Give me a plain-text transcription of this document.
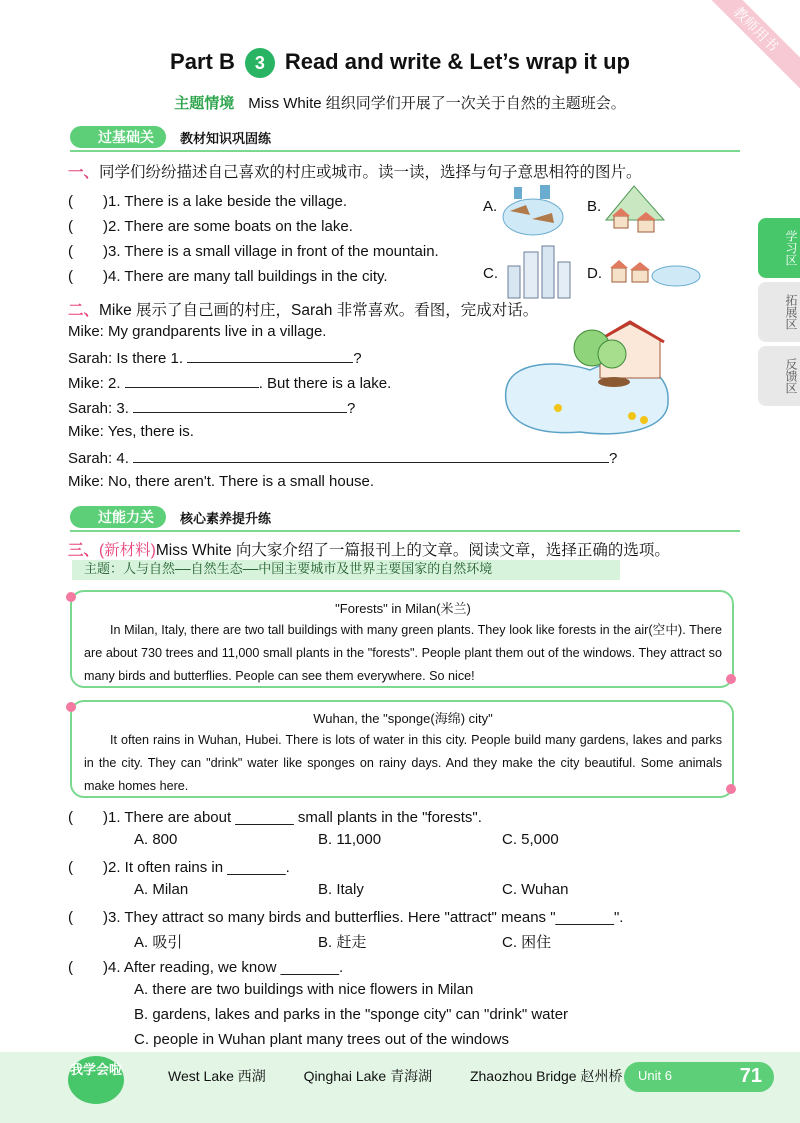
教师用书
Part B 3 Read and write & Let’s wrap it up
主题情境 Miss White 组织同学们开展了一次关于自然的主题班会。
过基础关	教材知识巩固练
一、同学们纷纷描述自己喜欢的村庄或城市。读一读，选择与句子意思相符的图片。
(　　)1. There is a lake beside the village.
(　　)2. There are some boats on the lake.
(　　)3. There is a small village in front of the mountain.
(　　)4. There are many tall buildings in the city.
A.	B.
C.	D.
二、Mike 展示了自己画的村庄，Sarah 非常喜欢。看图，完成对话。
Mike: My grandparents live in a village.
Sarah: Is there 1.	?
Mike: 2.	. But there is a lake.
Sarah: 3.	?
Mike: Yes, there is.
Sarah: 4.	?
Mike: No, there aren't. There is a small house.
过能力关	核心素养提升练
三、(新材料)Miss White 向大家介绍了一篇报刊上的文章。阅读文章，选择正确的选项。
主题：人与自然——自然生态——中国主要城市及世界主要国家的自然环境
"Forests" in Milan(米兰)
In Milan, Italy, there are two tall buildings with many green plants. They look like forests in the air(空中). There are about 730 trees and 11,000 small plants in the "forests". People plant them out of the windows. They attract so many birds and butterflies. People can see them everywhere. So nice!
Wuhan, the "sponge(海绵) city"
It often rains in Wuhan, Hubei. There is lots of water in this city. People build many gardens, lakes and parks in the city. They can "drink" water like sponges on rainy days. And they make the city beautiful. Some animals make homes here.
(　　)1. There are about _______ small plants in the "forests".
A. 800	B. 11,000	C. 5,000
(　　)2. It often rains in _______.
A. Milan	B. Italy	C. Wuhan
(　　)3. They attract so many birds and butterflies. Here "attract" means "_______".
A. 吸引	B. 赶走	C. 困住
(　　)4. After reading, we know _______.
A. there are two buildings with nice flowers in Milan
B. gardens, lakes and parks in the "sponge city" can "drink" water
C. people in Wuhan plant many trees out of the windows
学习区
拓展区
反馈区
我学会啦	West Lake 西湖	Qinghai Lake 青海湖	Zhaozhou Bridge 赵州桥	Unit 6	71
